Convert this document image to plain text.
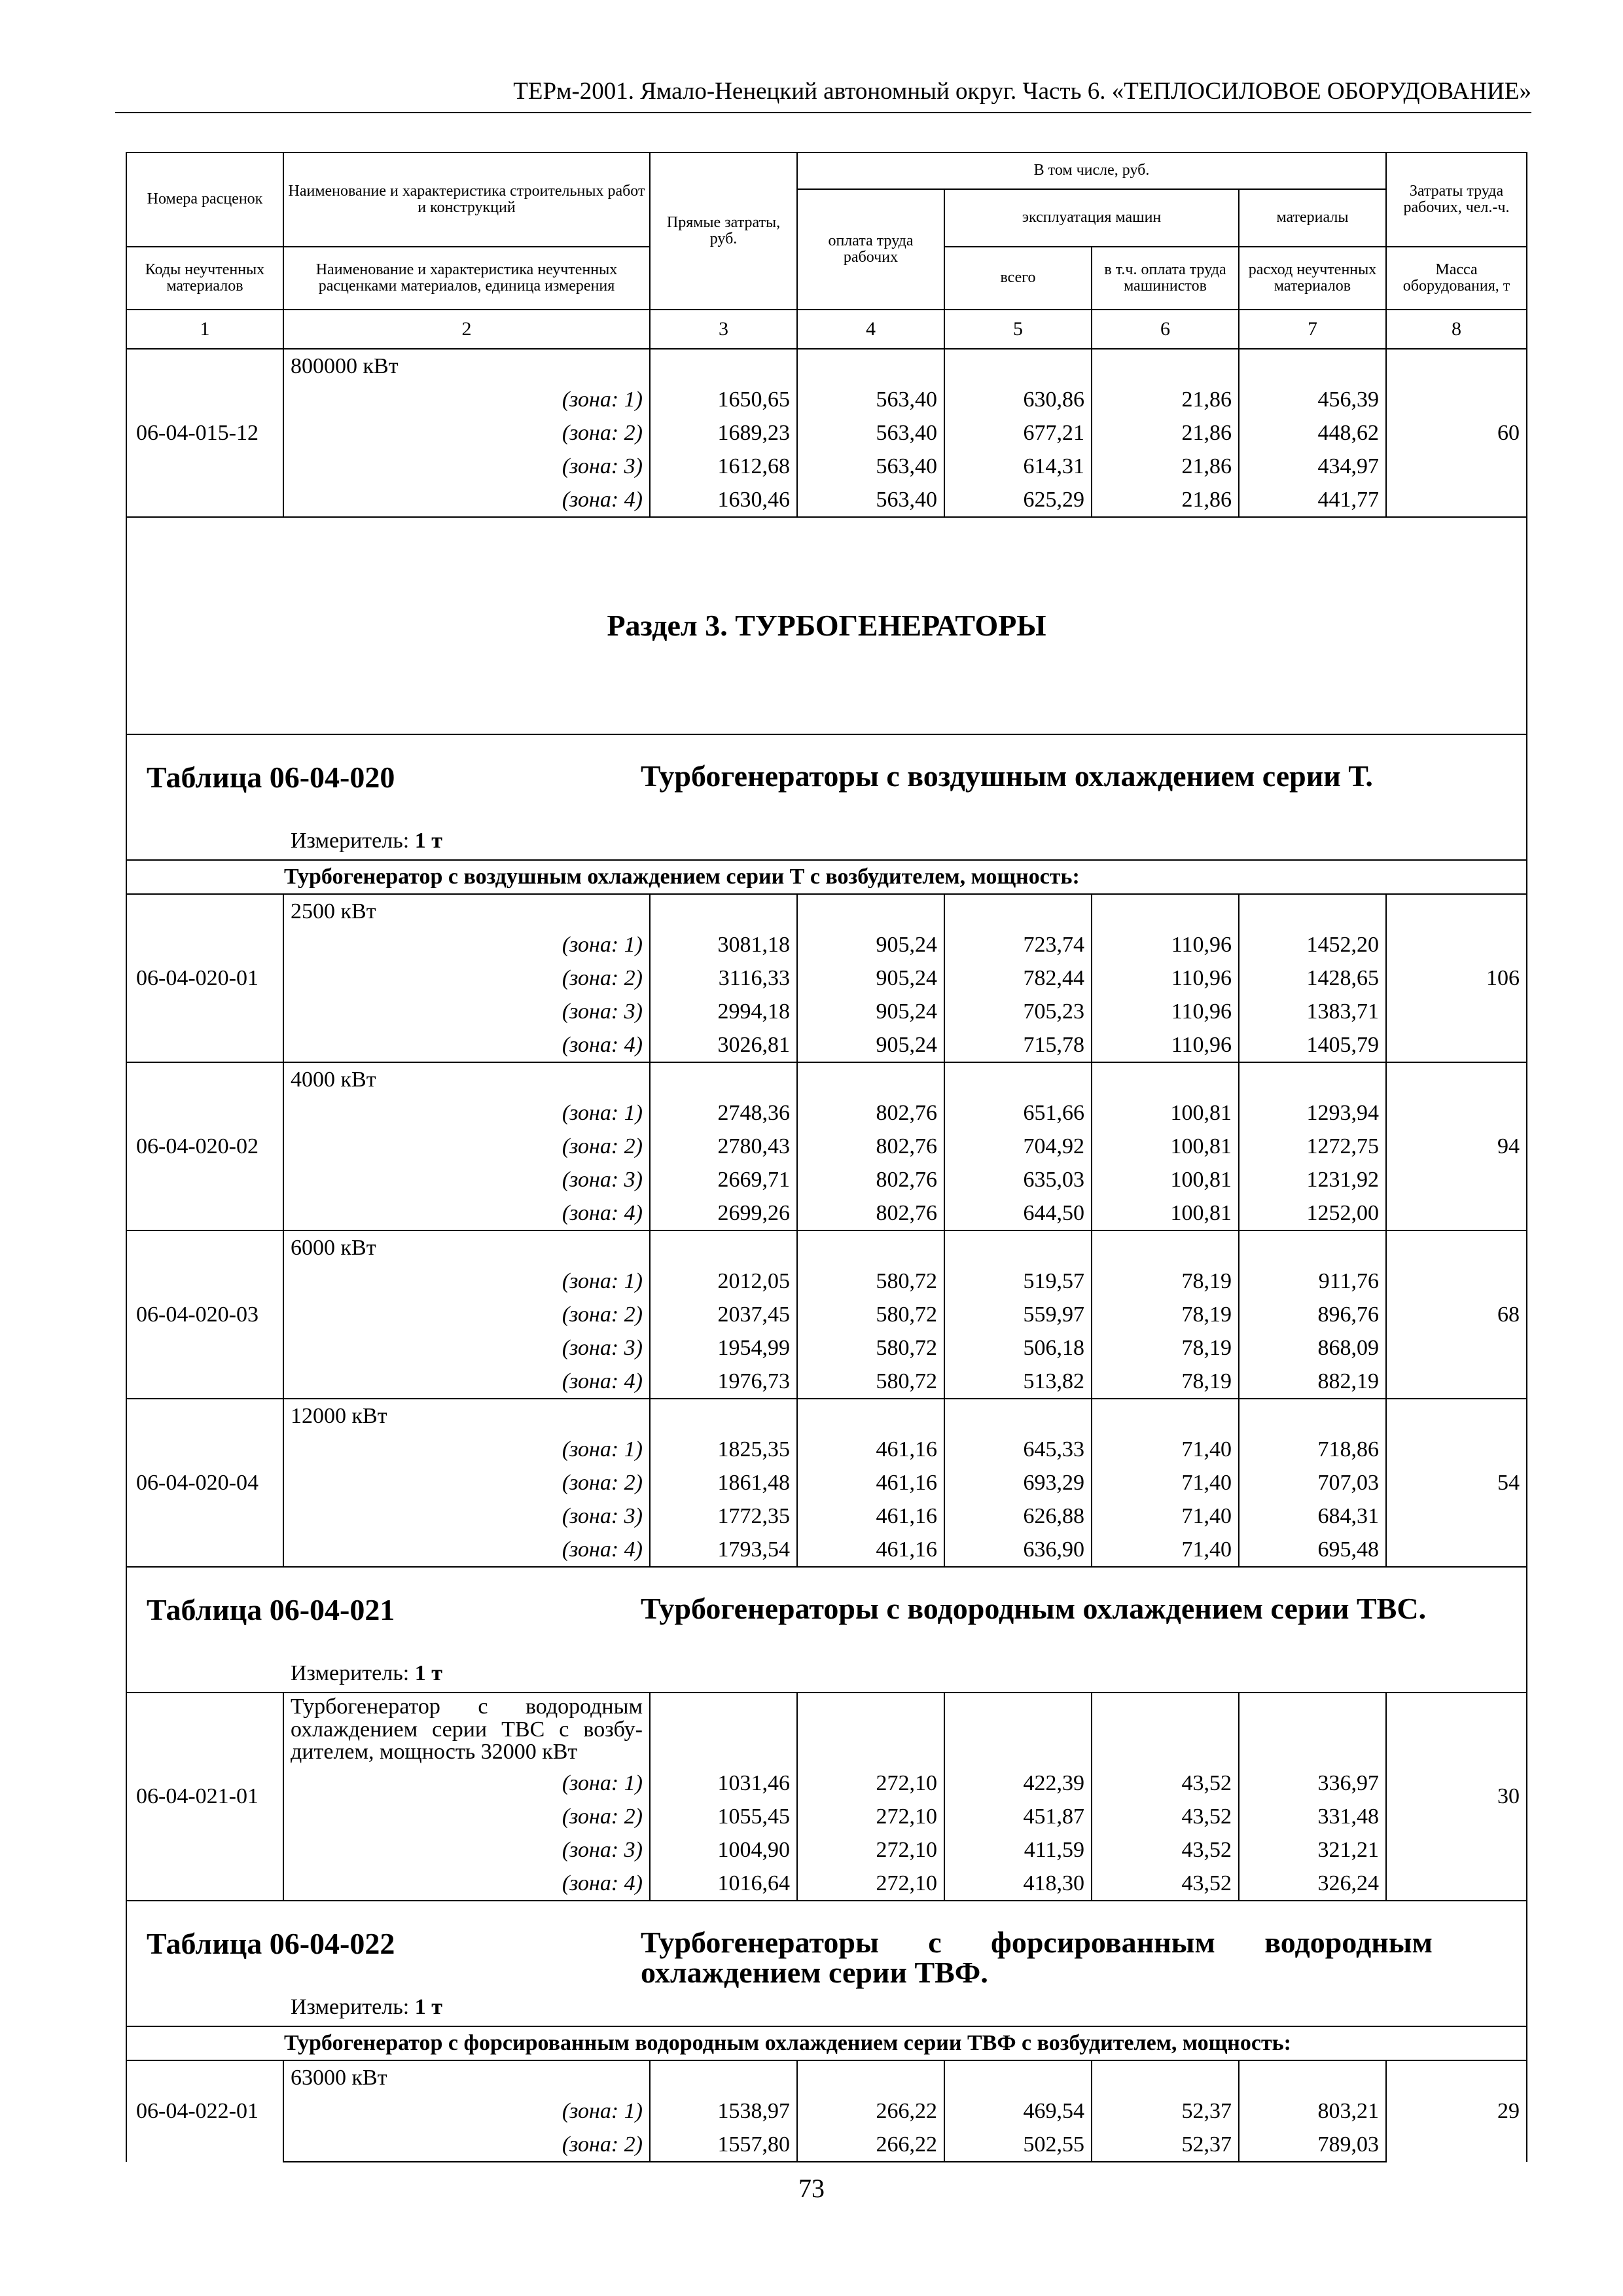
ТЕРм-2001. Ямало-Ненецкий автономный округ. Часть 6. «ТЕПЛОСИЛОВОЕ ОБОРУДОВАНИЕ»
Номера расценок	Наименование и характеристика строительных работ и конструкций	Прямые затраты, руб.	В том числе, руб.				Затраты труда рабочих, чел.-ч.
			оплата труда рабочих	эксплуатация машин		материалы	
Коды неучтенных материалов	Наименование и характеристика неучтенных расценками материалов, единица измерения			всего	в т.ч. оплата труда машинистов	расход неучтенных материалов	Масса оборудования, т
1	2	3	4	5	6	7	8
06-04-015-12	800000 кВт						60
	(зона: 1)	1650,65	563,40	630,86	21,86	456,39	
	(зона: 2)	1689,23	563,40	677,21	21,86	448,62	
	(зона: 3)	1612,68	563,40	614,31	21,86	434,97	
	(зона: 4)	1630,46	563,40	625,29	21,86	441,77	
Раздел 3. ТУРБОГЕНЕРАТОРЫ							

Таблица 06-04-020 Турбогенераторы с воздушным охлаждением серии Т.
Измеритель: 1 т							

Турбогенератор с воздушным охлаждением серии Т с возбудителем, мощность:							
06-04-020-01	2500 кВт						106
	(зона: 1)	3081,18	905,24	723,74	110,96	1452,20	
	(зона: 2)	3116,33	905,24	782,44	110,96	1428,65	
	(зона: 3)	2994,18	905,24	705,23	110,96	1383,71	
	(зона: 4)	3026,81	905,24	715,78	110,96	1405,79	
06-04-020-02	4000 кВт						94
	(зона: 1)	2748,36	802,76	651,66	100,81	1293,94	
	(зона: 2)	2780,43	802,76	704,92	100,81	1272,75	
	(зона: 3)	2669,71	802,76	635,03	100,81	1231,92	
	(зона: 4)	2699,26	802,76	644,50	100,81	1252,00	
06-04-020-03	6000 кВт						68
	(зона: 1)	2012,05	580,72	519,57	78,19	911,76	
	(зона: 2)	2037,45	580,72	559,97	78,19	896,76	
	(зона: 3)	1954,99	580,72	506,18	78,19	868,09	
	(зона: 4)	1976,73	580,72	513,82	78,19	882,19	
06-04-020-04	12000 кВт						54
	(зона: 1)	1825,35	461,16	645,33	71,40	718,86	
	(зона: 2)	1861,48	461,16	693,29	71,40	707,03	
	(зона: 3)	1772,35	461,16	626,88	71,40	684,31	
	(зона: 4)	1793,54	461,16	636,90	71,40	695,48	

Таблица 06-04-021 Турбогенераторы с водородным охлаждением серии ТВС.
Измеритель: 1 т							

06-04-021-01	Турбогенератор с водородным
охлаждением серии ТВС с возбу-
дителем, мощность 32000 кВт						30
	(зона: 1)	1031,46	272,10	422,39	43,52	336,97	
	(зона: 2)	1055,45	272,10	451,87	43,52	331,48	
	(зона: 3)	1004,90	272,10	411,59	43,52	321,21	
	(зона: 4)	1016,64	272,10	418,30	43,52	326,24	

Таблица 06-04-022 Турбогенераторы с форсированным водородным охлаждением серии ТВФ.
Измеритель: 1 т							

Турбогенератор с форсированным водородным охлаждением серии ТВФ с возбудителем, мощность:							
06-04-022-01	63000 кВт						29
	(зона: 1)	1538,97	266,22	469,54	52,37	803,21	
	(зона: 2)	1557,80	266,22	502,55	52,37	789,03	
73
